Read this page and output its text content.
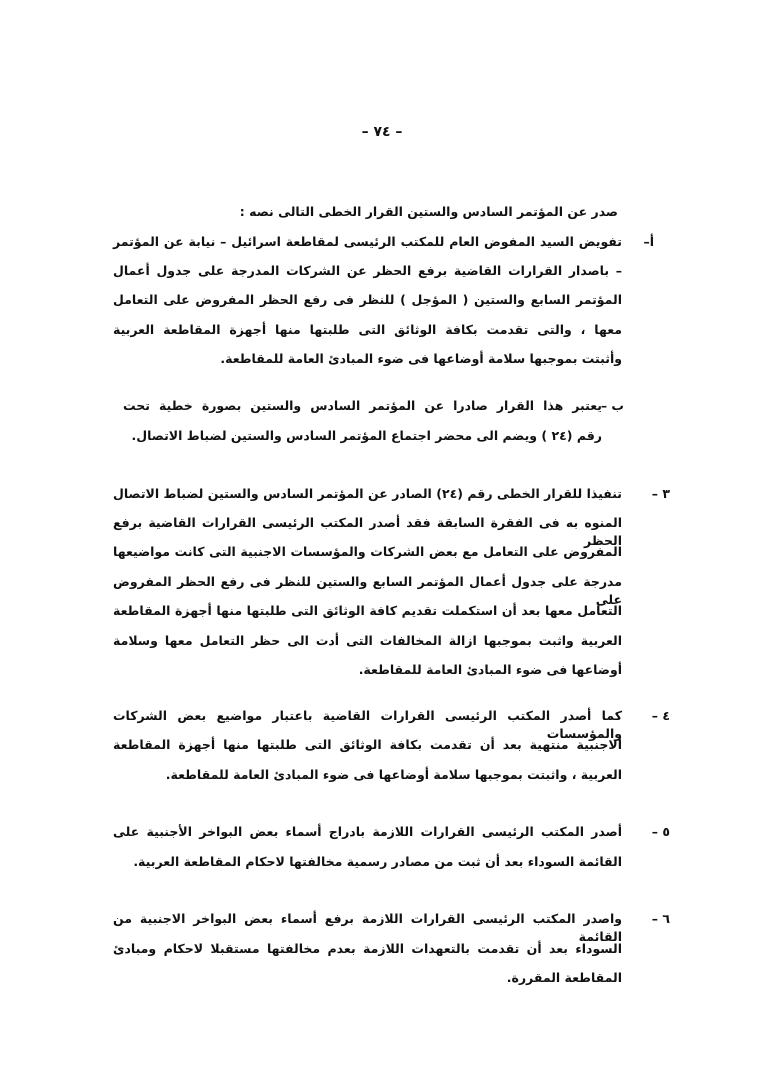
– ٧٤ –
صدر عن المؤتمر السادس والستين القرار الخطى التالى نصه :
أ–
تفويض السيد المفوض العام للمكتب الرئيسى لمقاطعة اسرائيل – نيابة عن المؤتمر
– باصدار القرارات القاضية برفع الحظر عن الشركات المدرجة على جدول أعمال
المؤتمر السابع والستين ( المؤجل ) للنظر فى رفع الحظر المفروض على التعامل
معها ، والتى تقدمت بكافة الوثائق التى طلبتها منها أجهزة المقاطعة العربية
وأثبتت بموجبها سلامة أوضاعها فى ضوء المبادئ العامة للمقاطعة.
ب –
يعتبر هذا القرار صادرا عن المؤتمر السادس والستين بصورة خطية تحت
رقم (٢٤ ) ويضم الى محضر اجتماع المؤتمر السادس والستين لضباط الاتصال.
٣ –
تنفيذا للقرار الخطى رقم (٢٤) الصادر عن المؤتمر السادس والستين لضباط الاتصال
المنوه به فى الفقرة السابقة فقد أصدر المكتب الرئيسى القرارات القاضية برفع الحظر
المفروض على التعامل مع بعض الشركات والمؤسسات الاجنبية التى كانت مواضيعها
مدرجة على جدول أعمال المؤتمر السابع والستين للنظر فى رفع الحظر المفروض على
التعامل معها بعد أن استكملت تقديم كافة الوثائق التى طلبتها منها أجهزة المقاطعة
العربية واثبت بموجبها ازالة المخالفات التى أدت الى حظر التعامل معها وسلامة
أوضاعها فى ضوء المبادئ العامة للمقاطعة.
٤ –
كما أصدر المكتب الرئيسى القرارات القاضية باعتبار مواضيع بعض الشركات والمؤسسات
الاجنبية منتهية بعد أن تقدمت بكافة الوثائق التى طلبتها منها أجهزة المقاطعة
العربية ، واثبتت بموجبها سلامة أوضاعها فى ضوء المبادئ العامة للمقاطعة.
٥ –
أصدر المكتب الرئيسى القرارات اللازمة بادراج أسماء بعض البواخر الأجنبية على
القائمة السوداء بعد أن ثبت من مصادر رسمية مخالفتها لاحكام المقاطعة العربية.
٦ –
واصدر المكتب الرئيسى القرارات اللازمة برفع أسماء بعض البواخر الاجنبية من القائمة
السوداء بعد أن تقدمت بالتعهدات اللازمة بعدم مخالفتها مستقبلا لاحكام ومبادئ
المقاطعة المقررة.
